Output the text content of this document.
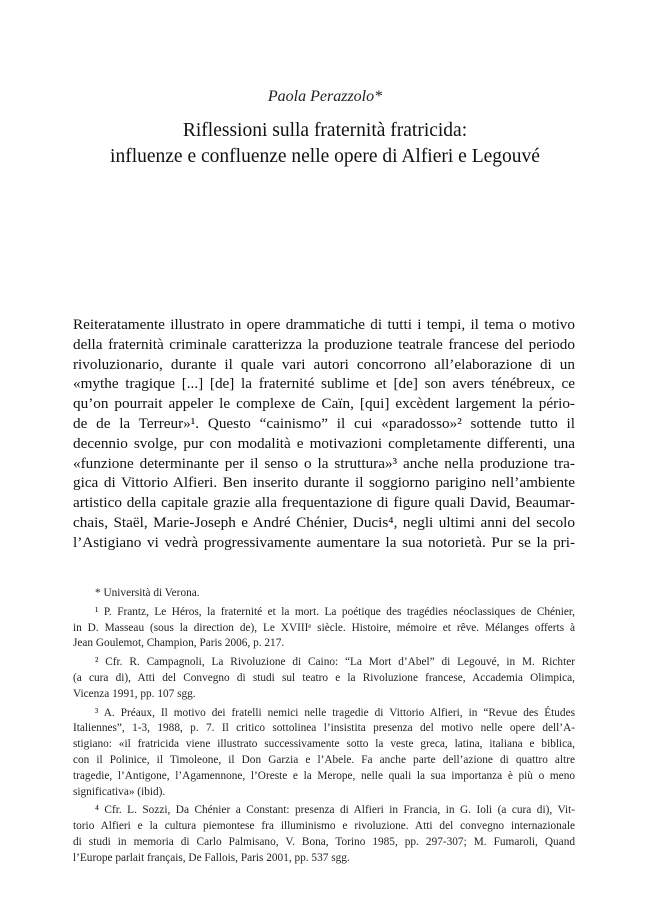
Paola Perazzolo*
Riflessioni sulla fraternità fratricida:
influenze e confluenze nelle opere di Alfieri e Legouvé
Reiteratamente illustrato in opere drammatiche di tutti i tempi, il tema o motivo
della fraternità criminale caratterizza la produzione teatrale francese del periodo
rivoluzionario, durante il quale vari autori concorrono all’elaborazione di un
«mythe tragique [...] [de] la fraternité sublime et [de] son avers ténébreux, ce
qu’on pourrait appeler le complexe de Caïn, [qui] excèdent largement la pério-
de de la Terreur»¹. Questo “cainismo” il cui «paradosso»² sottende tutto il
decennio svolge, pur con modalità e motivazioni completamente differenti, una
«funzione determinante per il senso o la struttura»³ anche nella produzione tra-
gica di Vittorio Alfieri. Ben inserito durante il soggiorno parigino nell’ambiente
artistico della capitale grazie alla frequentazione di figure quali David, Beaumar-
chais, Staël, Marie-Joseph e André Chénier, Ducis⁴, negli ultimi anni del secolo
l’Astigiano vi vedrà progressivamente aumentare la sua notorietà. Pur se la pri-
* Università di Verona.
¹ P. Frantz, Le Héros, la fraternité et la mort. La poétique des tragédies néoclassiques de Chénier,
in D. Masseau (sous la direction de), Le XVIIIᵉ siècle. Histoire, mémoire et rêve. Mélanges offerts à
Jean Goulemot, Champion, Paris 2006, p. 217.
² Cfr. R. Campagnoli, La Rivoluzione di Caino: “La Mort d’Abel” di Legouvé, in M. Richter
(a cura di), Atti del Convegno di studi sul teatro e la Rivoluzione francese, Accademia Olimpica,
Vicenza 1991, pp. 107 sgg.
³ A. Préaux, Il motivo dei fratelli nemici nelle tragedie di Vittorio Alfieri, in “Revue des Études
Italiennes”, 1-3, 1988, p. 7. Il critico sottolinea l’insistita presenza del motivo nelle opere dell’A-
stigiano: «il fratricida viene illustrato successivamente sotto la veste greca, latina, italiana e biblica,
con il Polinice, il Timoleone, il Don Garzia e l’Abele. Fa anche parte dell’azione di quattro altre
tragedie, l’Antigone, l’Agamennone, l’Oreste e la Merope, nelle quali la sua importanza è più o meno
significativa» (ibid).
⁴ Cfr. L. Sozzi, Da Chénier a Constant: presenza di Alfieri in Francia, in G. Ioli (a cura di), Vit-
torio Alfieri e la cultura piemontese fra illuminismo e rivoluzione. Atti del convegno internazionale
di studi in memoria di Carlo Palmisano, V. Bona, Torino 1985, pp. 297-307; M. Fumaroli, Quand
l’Europe parlait français, De Fallois, Paris 2001, pp. 537 sgg.
